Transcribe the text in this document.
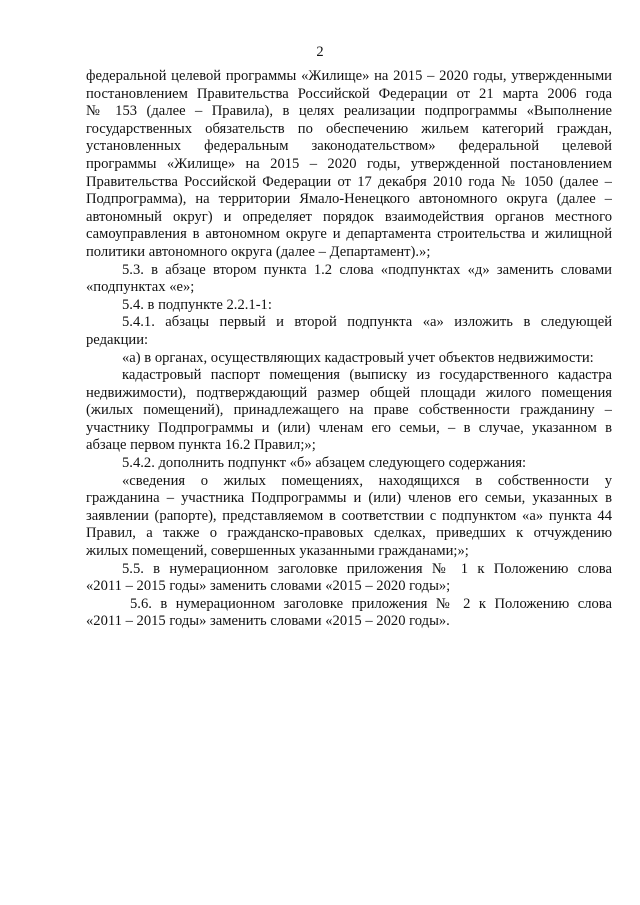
2
федеральной целевой программы «Жилище» на 2015 – 2020 годы, утвержденными
постановлением Правительства Российской Федерации от 21 марта 2006 года
№ 153 (далее – Правила), в целях реализации подпрограммы «Выполнение
государственных обязательств по обеспечению жильем категорий граждан,
установленных федеральным законодательством» федеральной целевой
программы «Жилище» на 2015 – 2020 годы, утвержденной постановлением
Правительства Российской Федерации от 17 декабря 2010 года № 1050 (далее –
Подпрограмма), на территории Ямало-Ненецкого автономного округа (далее –
автономный округ) и определяет порядок взаимодействия органов местного
самоуправления в автономном округе и департамента строительства и жилищной
политики автономного округа (далее – Департамент).»;
5.3. в абзаце втором пункта 1.2 слова «подпунктах «д» заменить словами
«подпунктах «е»;
5.4. в подпункте 2.2.1-1:
5.4.1. абзацы первый и второй подпункта «а» изложить в следующей
редакции:
«а) в органах, осуществляющих кадастровый учет объектов недвижимости:
кадастровый паспорт помещения (выписку из государственного кадастра
недвижимости), подтверждающий размер общей площади жилого помещения
(жилых помещений), принадлежащего на праве собственности гражданину –
участнику Подпрограммы и (или) членам его семьи, – в случае, указанном в
абзаце первом пункта 16.2 Правил;»;
5.4.2. дополнить подпункт «б» абзацем следующего содержания:
«сведения о жилых помещениях, находящихся в собственности у
гражданина – участника Подпрограммы и (или) членов его семьи, указанных в
заявлении (рапорте), представляемом в соответствии с подпунктом «а» пункта 44
Правил, а также о гражданско-правовых сделках, приведших к отчуждению
жилых помещений, совершенных указанными гражданами;»;
5.5. в нумерационном заголовке приложения № 1 к Положению слова
«2011 – 2015 годы» заменить словами «2015 – 2020 годы»;
5.6. в нумерационном заголовке приложения № 2 к Положению слова
«2011 – 2015 годы» заменить словами «2015 – 2020 годы».
